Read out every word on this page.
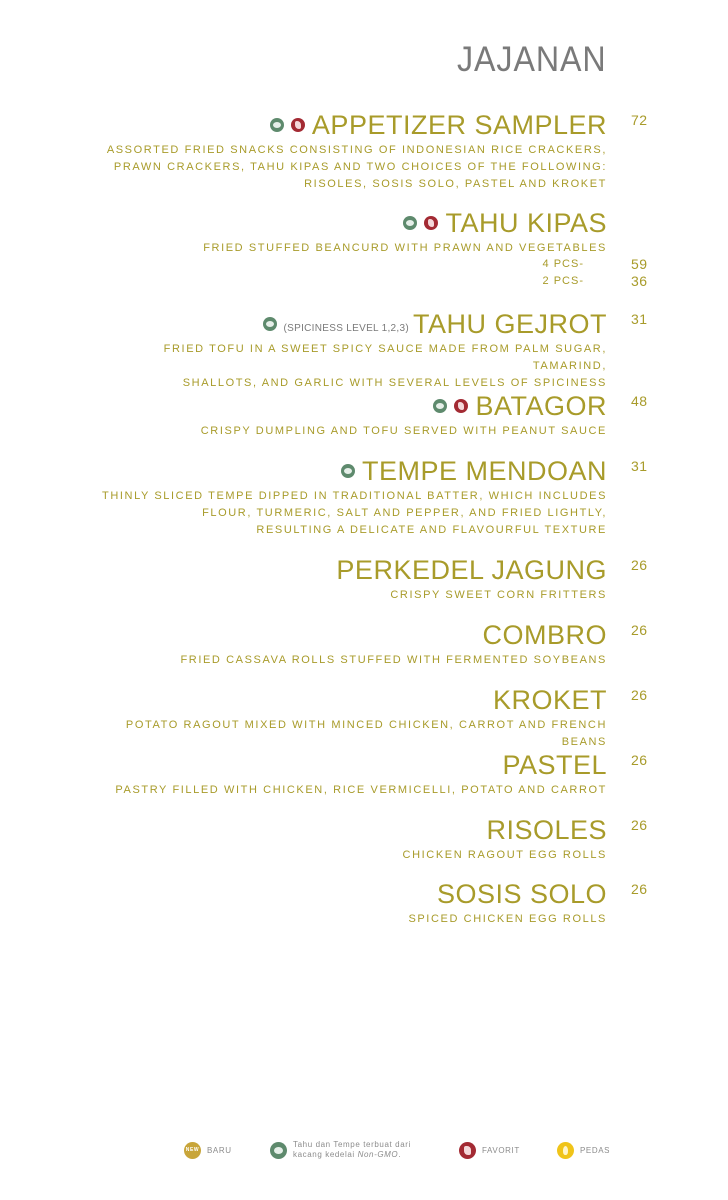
JAJANAN
APPETIZER SAMPLER

ASSORTED FRIED SNACKS CONSISTING OF INDONESIAN RICE CRACKERS,
PRAWN CRACKERS, TAHU KIPAS AND TWO CHOICES OF THE FOLLOWING:
RISOLES, SOSIS SOLO, PASTEL AND KROKET

72
TAHU KIPAS

FRIED STUFFED BEANCURD WITH PRAWN AND VEGETABLES

4 PCS-	59
2 PCS-	36
(SPICINESS LEVEL 1,2,3) TAHU GEJROT

FRIED TOFU IN A SWEET SPICY SAUCE MADE FROM PALM SUGAR, TAMARIND,
SHALLOTS, AND GARLIC WITH SEVERAL LEVELS OF SPICINESS

31
BATAGOR

CRISPY DUMPLING AND TOFU SERVED WITH PEANUT SAUCE

48
TEMPE MENDOAN

THINLY SLICED TEMPE DIPPED IN TRADITIONAL BATTER, WHICH INCLUDES
FLOUR, TURMERIC, SALT AND PEPPER, AND FRIED LIGHTLY,
RESULTING A DELICATE AND FLAVOURFUL TEXTURE

31
PERKEDEL JAGUNG

CRISPY SWEET CORN FRITTERS

26
COMBRO

FRIED CASSAVA ROLLS STUFFED WITH FERMENTED SOYBEANS

26
KROKET

POTATO RAGOUT MIXED WITH MINCED CHICKEN, CARROT AND FRENCH BEANS

26
PASTEL

PASTRY FILLED WITH CHICKEN, RICE VERMICELLI, POTATO AND CARROT

26
RISOLES

CHICKEN RAGOUT EGG ROLLS

26
SOSIS SOLO

SPICED CHICKEN EGG ROLLS

26
NEW BARU
Tahu dan Tempe terbuat dari
kacang kedelai Non-GMO.	FAVORIT	PEDAS
